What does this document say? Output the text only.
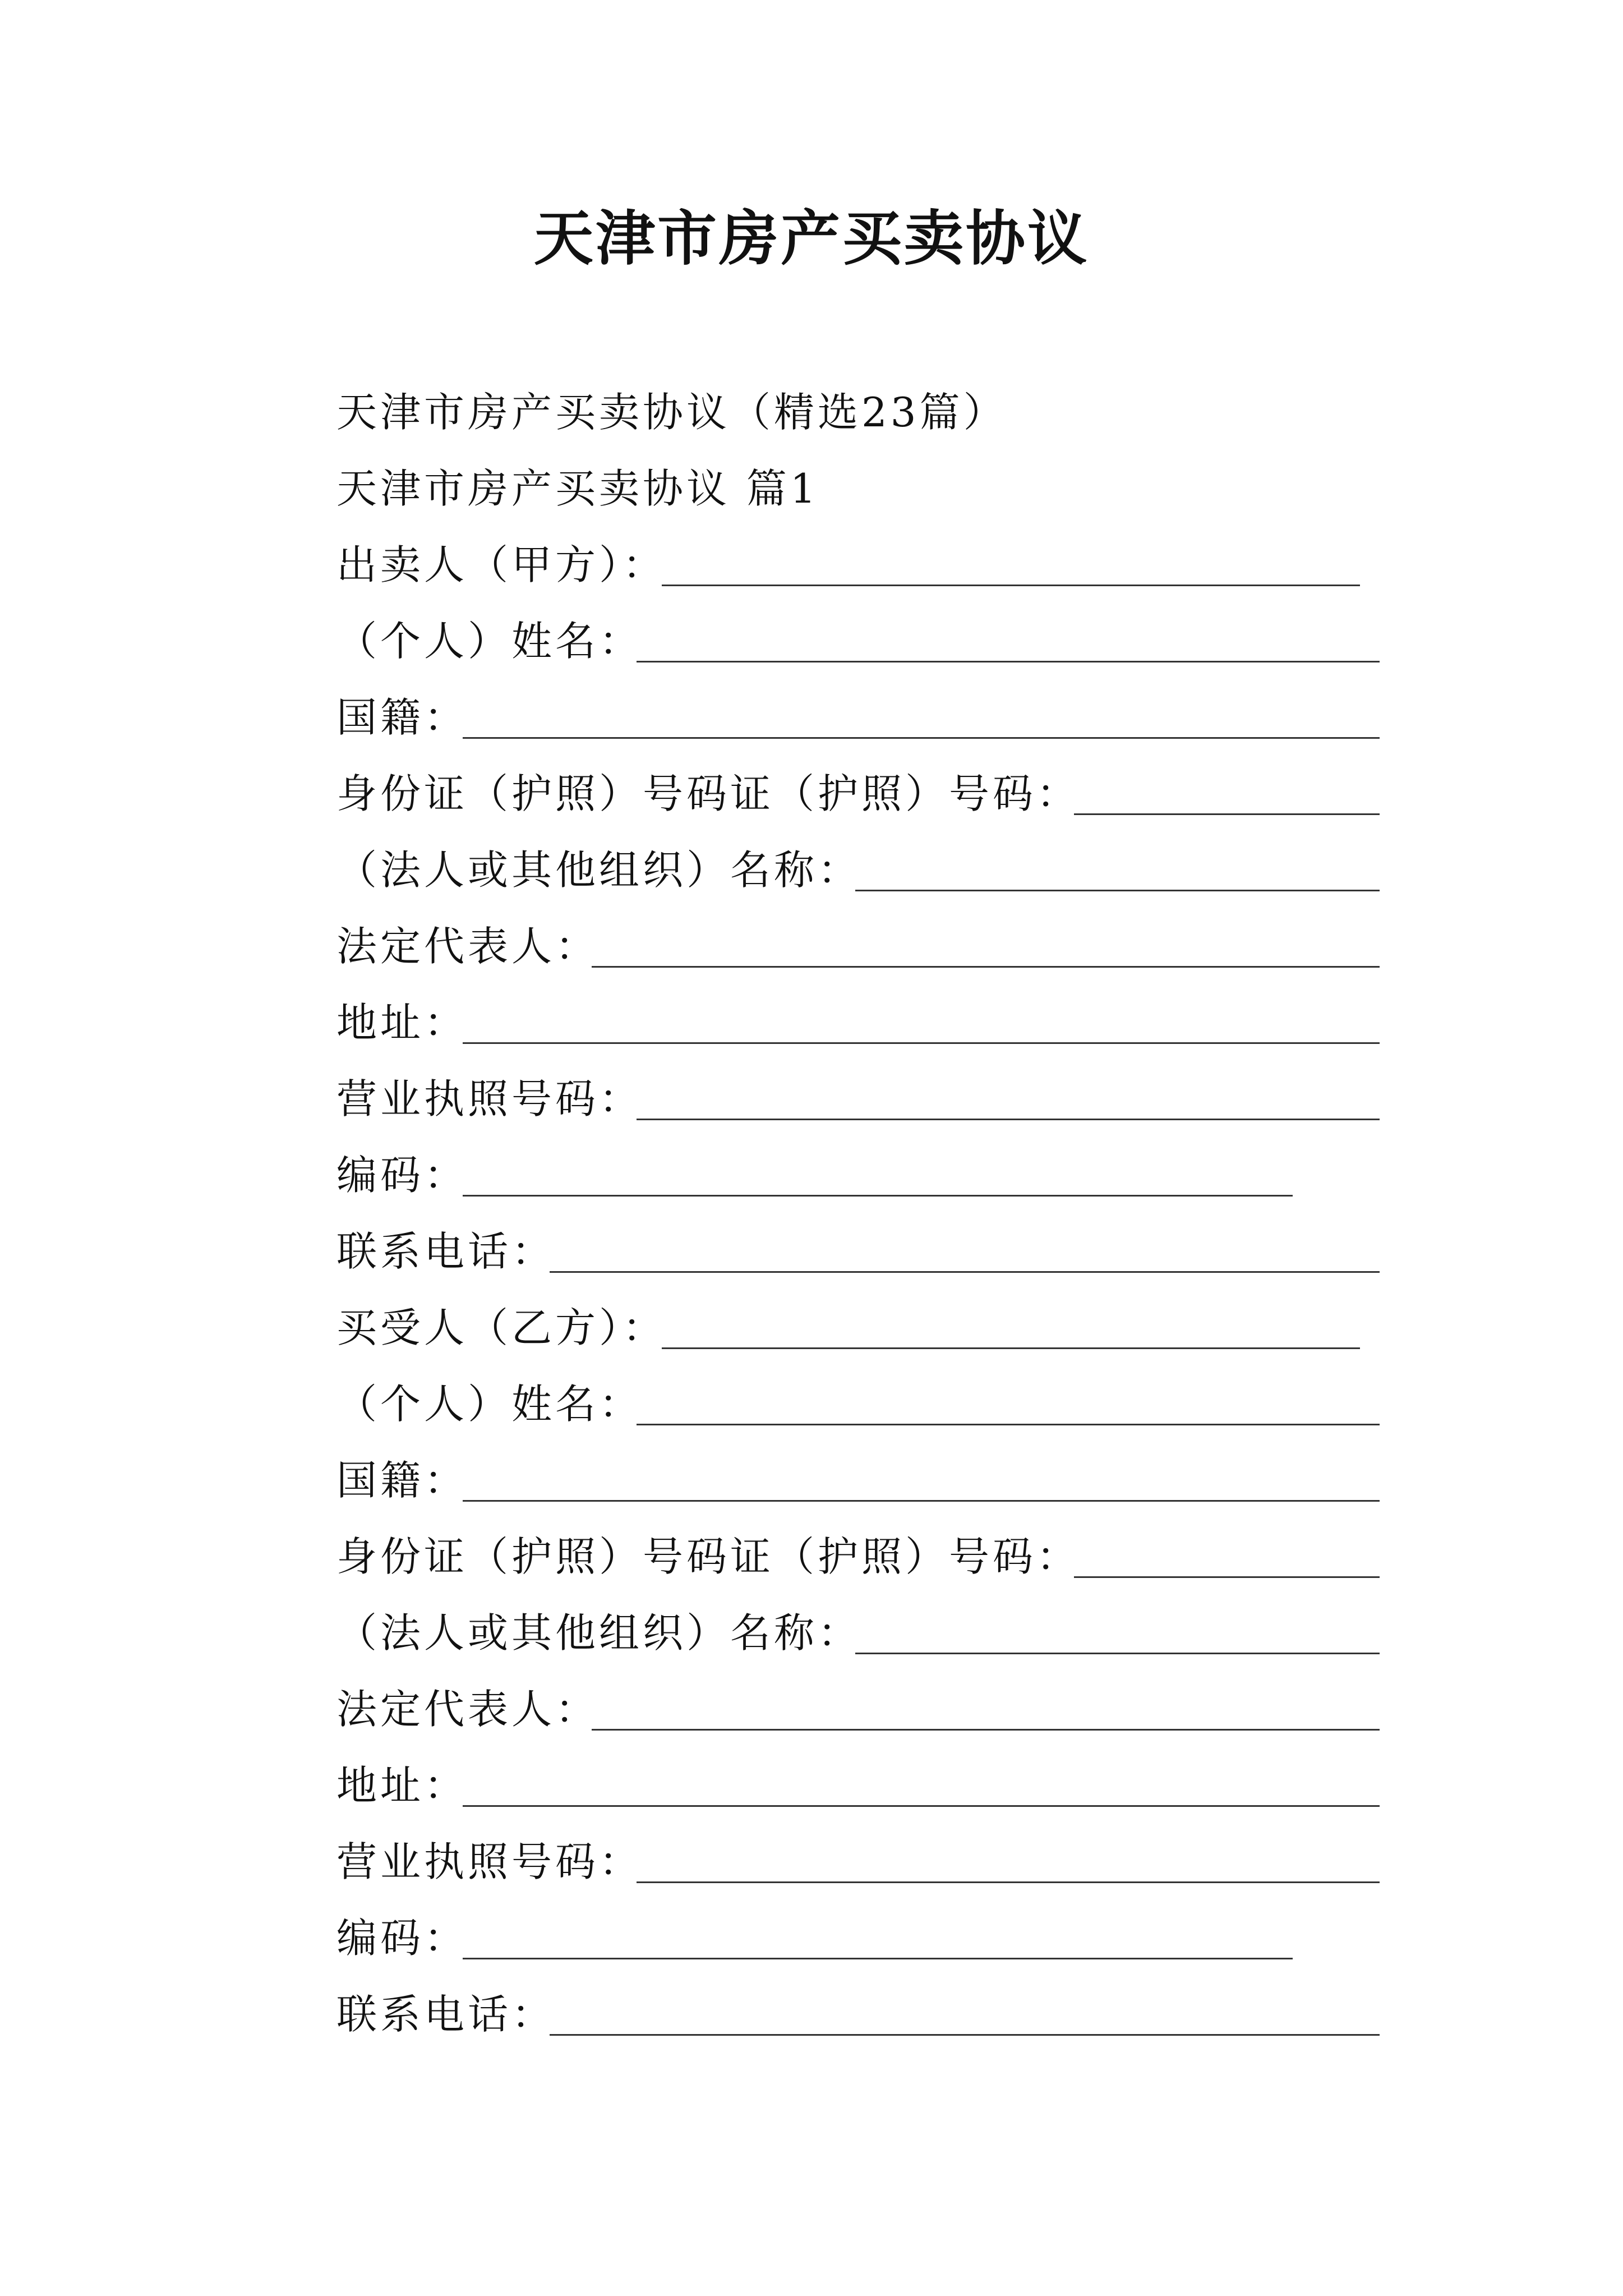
天津市房产买卖协议
天津市房产买卖协议（精选23篇）
天津市房产买卖协议 篇1
出卖人（甲方）：
（个人）姓名：
国籍：
身份证（护照）号码证（护照）号码：
（法人或其他组织）名称：
法定代表人：
地址：
营业执照号码：
编码：
联系电话：
买受人（乙方）：
（个人）姓名：
国籍：
身份证（护照）号码证（护照）号码：
（法人或其他组织）名称：
法定代表人：
地址：
营业执照号码：
编码：
联系电话：
